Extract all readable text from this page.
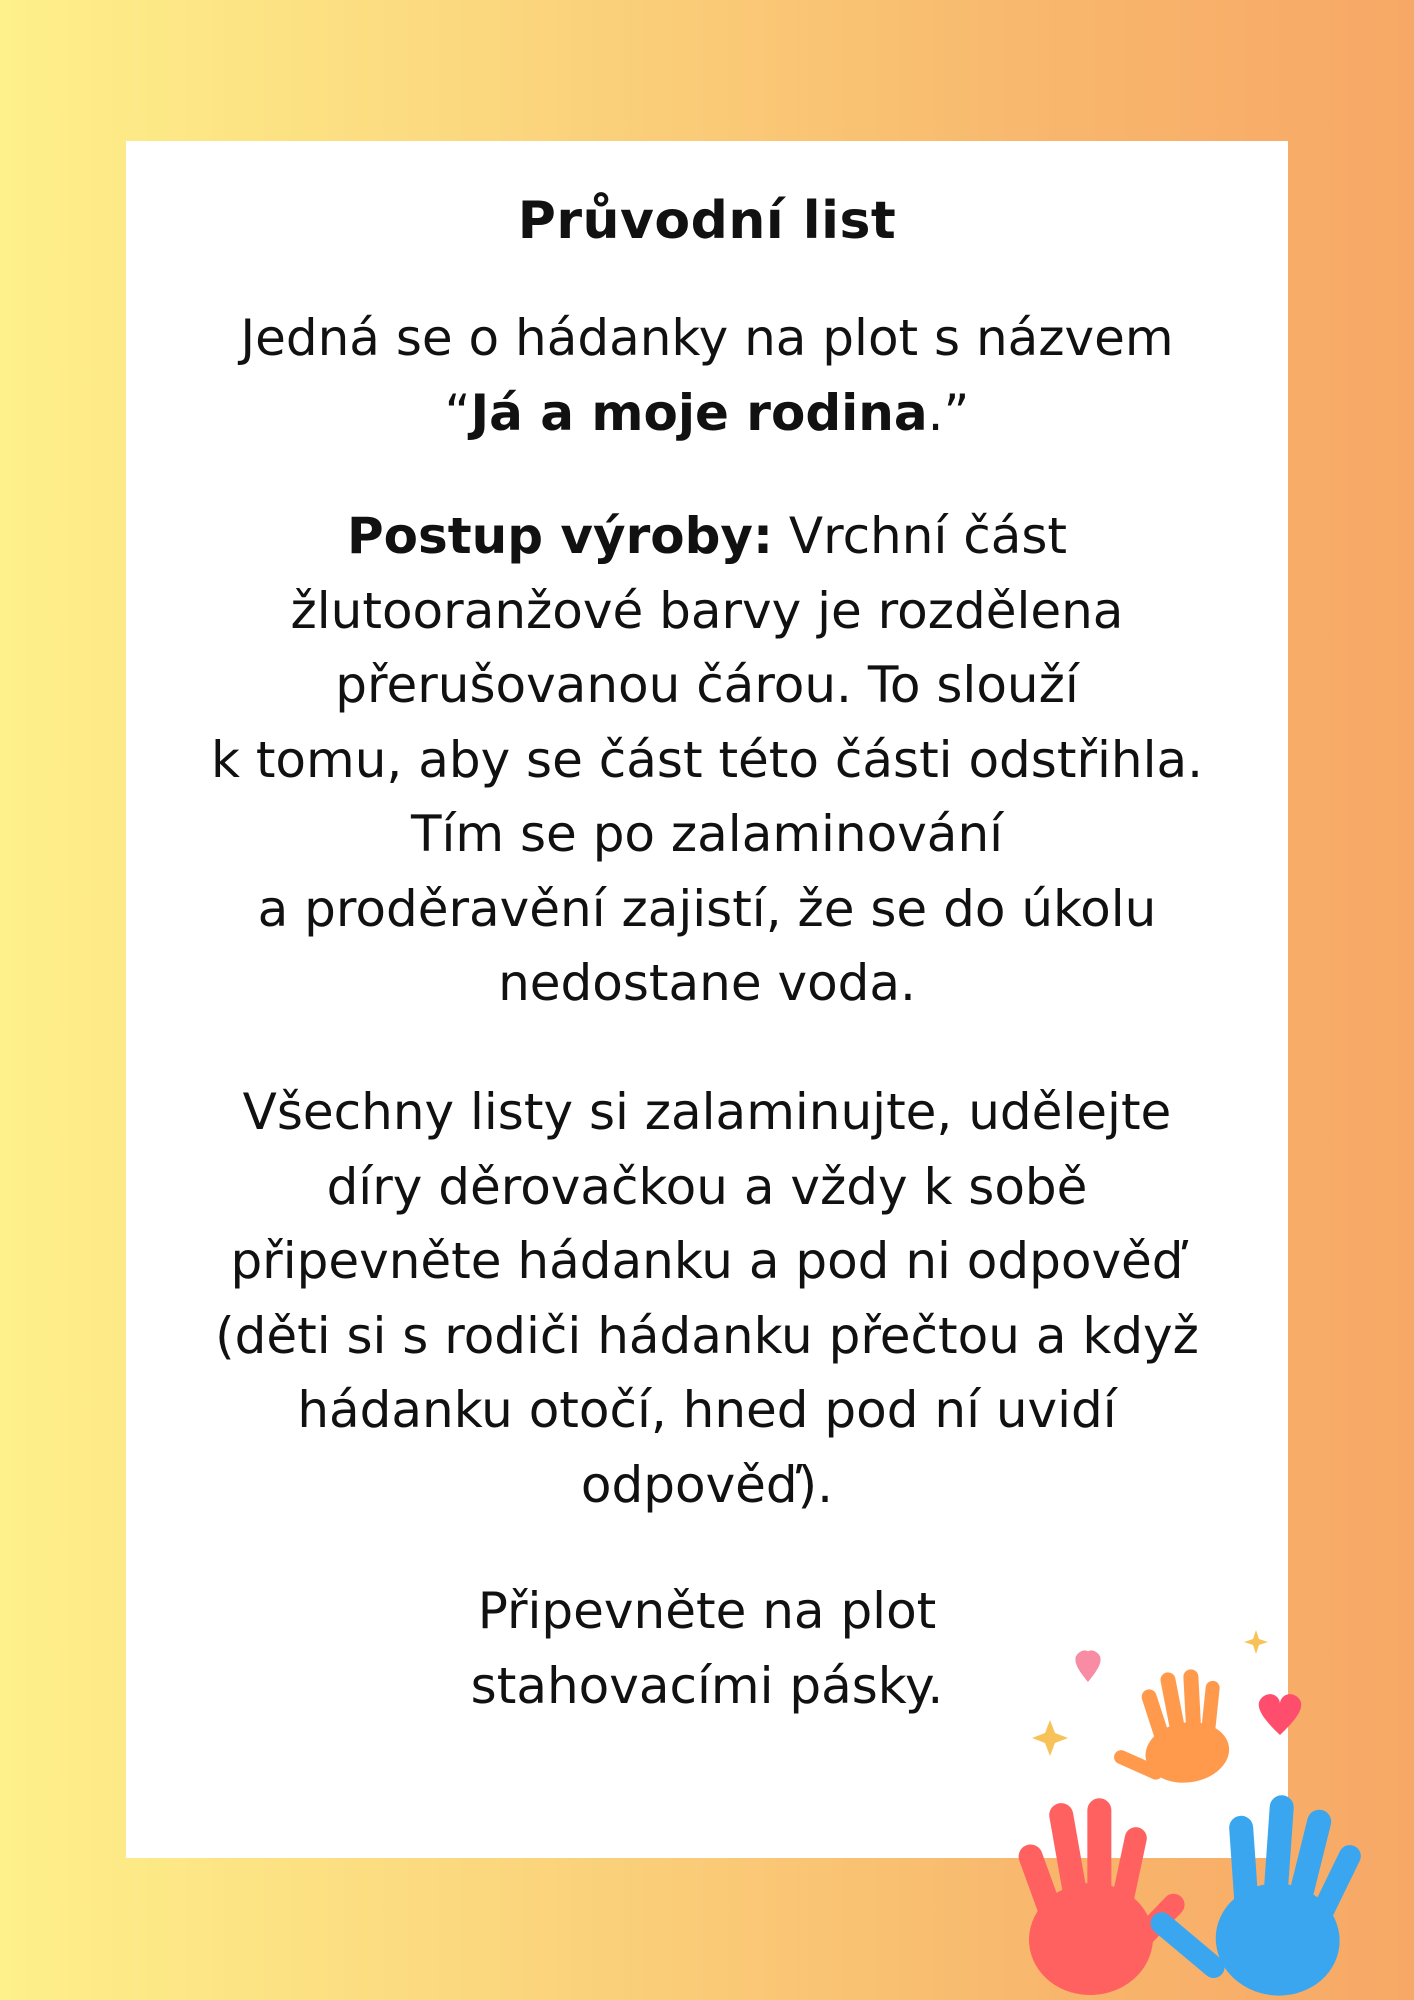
Průvodní list

Jedná se o hádanky na plot s názvem
“Já a moje rodina.”

Postup výroby: Vrchní část
žlutooranžové barvy je rozdělena
přerušovanou čárou. To slouží
k tomu, aby se část této části odstřihla.
Tím se po zalaminování
a proděravění zajistí, že se do úkolu
nedostane voda.

Všechny listy si zalaminujte, udělejte
díry děrovačkou a vždy k sobě
připevněte hádanku a pod ni odpověď
(děti si s rodiči hádanku přečtou a když
hádanku otočí, hned pod ní uvidí
odpověď).

Připevněte na plot
stahovacími pásky.
